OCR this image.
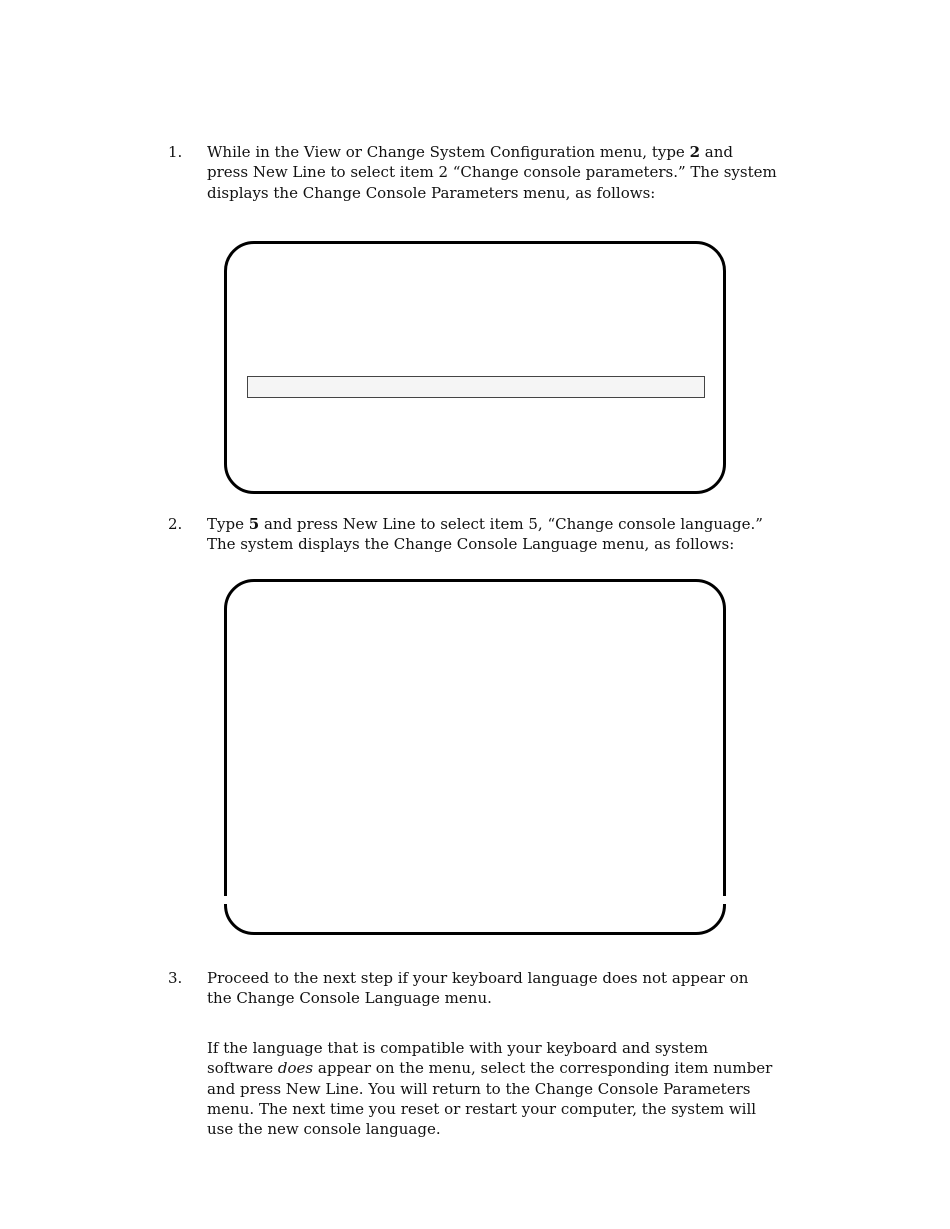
1.	While in the View or Change System Configuration menu, type 2 and press New Line to select item 2 “Change console parameters.” The system displays the Change Console Parameters menu, as follows:
2.	Type 5 and press New Line to select item 5, “Change console language.” The system displays the Change Console Language menu, as follows:
3.	Proceed to the next step if your keyboard language does not appear on the Change Console Language menu.
If the language that is compatible with your keyboard and system software does appear on the menu, select the corresponding item number and press New Line. You will return to the Change Console Parameters menu. The next time you reset or restart your computer, the system will use the new console language.
